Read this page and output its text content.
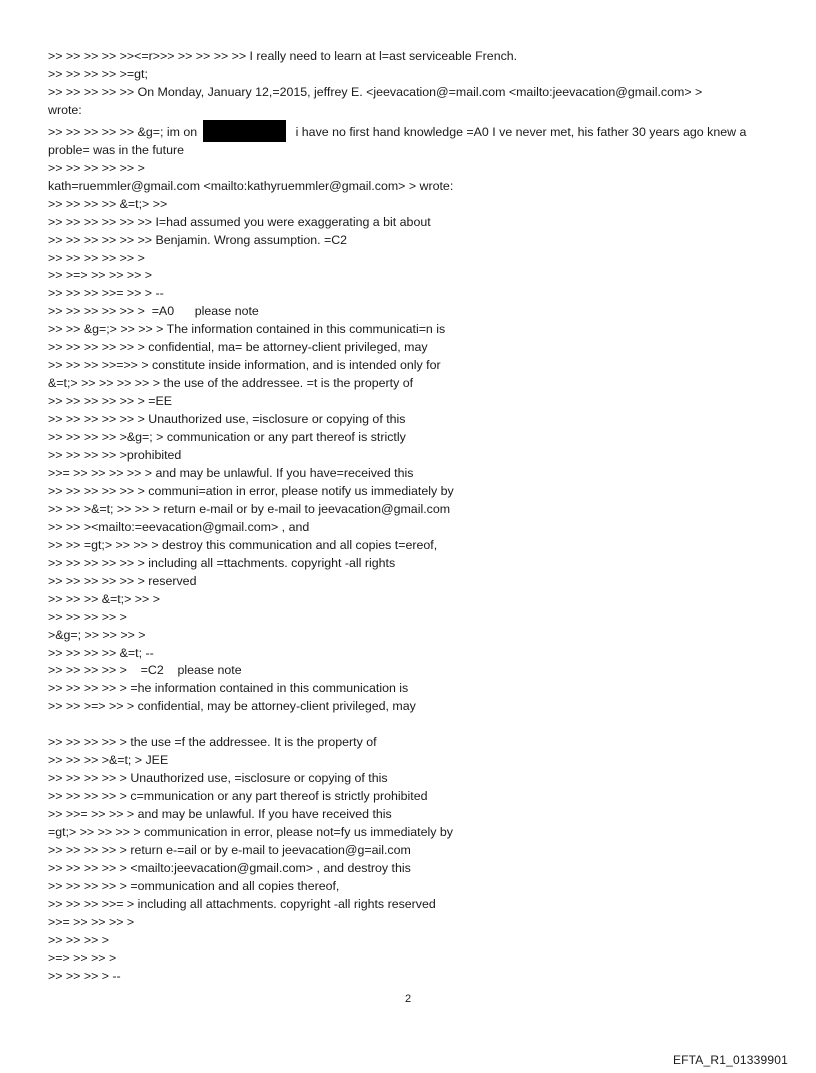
>> >> >> >> >><=r>>> >> >> >> >> I really need to learn at l=ast serviceable French.
>> >> >> >> >=gt;
>> >> >> >> >> On Monday, January 12,=2015, jeffrey E. <jeevacation@=mail.com <mailto:jeevacation@gmail.com> >
wrote:
>> >> >> >> >> &g=; im on	i have no first hand knowledge =A0 I ve never met, his father 30 years ago knew a proble= was in the future
>> >> >> >> >> >
kath=ruemmler@gmail.com <mailto:kathyruemmler@gmail.com> > wrote:
>> >> >> >> &=t;> >>
>> >> >> >> >> >> I=had assumed you were exaggerating a bit about
>> >> >> >> >> >> Benjamin. Wrong assumption. =C2
>> >> >> >> >> >
>> >=> >> >> >> >
>> >> >> >>= >> > --
>> >> >> >> >> >  =A0      please note
>> >> &g=;> >> >> > The information contained in this communicati=n is
>> >> >> >> >> > confidential, ma= be attorney-client privileged, may
>> >> >> >>=>> > constitute inside information, and is intended only for
&=t;> >> >> >> >> > the use of the addressee. =t is the property of
>> >> >> >> >> > =EE
>> >> >> >> >> > Unauthorized use, =isclosure or copying of this
>> >> >> >> >&g=; > communication or any part thereof is strictly
>> >> >> >> >prohibited
>>= >> >> >> >> > and may be unlawful. If you have=received this
>> >> >> >> >> > communi=ation in error, please notify us immediately by
>> >> >&=t; >> >> > return e-mail or by e-mail to jeevacation@gmail.com
>> >> ><mailto:=eevacation@gmail.com> , and
>> >> =gt;> >> >> > destroy this communication and all copies t=ereof,
>> >> >> >> >> > including all =ttachments. copyright -all rights
>> >> >> >> >> > reserved
>> >> >> &=t;> >> >
>> >> >> >> >
>&g=; >> >> >> >
>> >> >> >> &=t; --
>> >> >> >> >    =C2    please note
>> >> >> >> > =he information contained in this communication is
>> >> >=> >> > confidential, may be attorney-client privileged, may
>> >> >> >> > the use =f the addressee. It is the property of
>> >> >> >&=t; > JEE
>> >> >> >> > Unauthorized use, =isclosure or copying of this
>> >> >> >> > c=mmunication or any part thereof is strictly prohibited
>> >>= >> >> > and may be unlawful. If you have received this
=gt;> >> >> >> > communication in error, please not=fy us immediately by
>> >> >> >> > return e-=ail or by e-mail to jeevacation@g=ail.com
>> >> >> >> > <mailto:jeevacation@gmail.com> , and destroy this
>> >> >> >> > =ommunication and all copies thereof,
>> >> >> >>= > including all attachments. copyright -all rights reserved
>>= >> >> >> >
>> >> >> >
>=> >> >> >
>> >> >> > --
2
EFTA_R1_01339901
